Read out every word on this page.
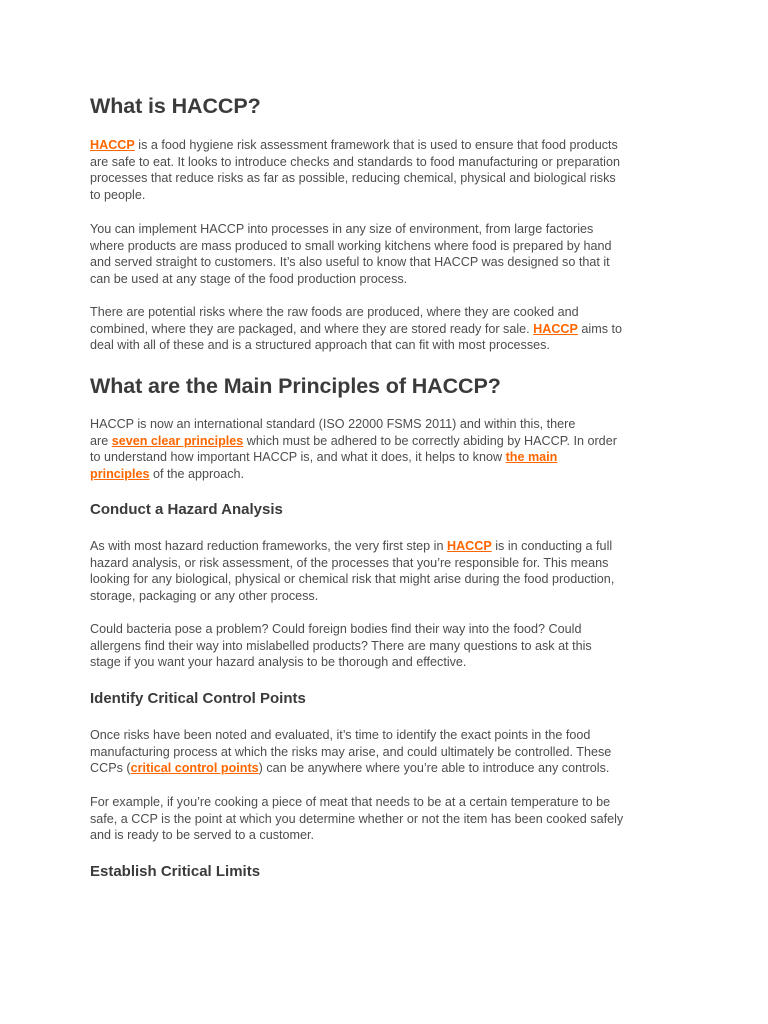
What is HACCP?

HACCP is a food hygiene risk assessment framework that is used to ensure that food products
are safe to eat. It looks to introduce checks and standards to food manufacturing or preparation
processes that reduce risks as far as possible, reducing chemical, physical and biological risks
to people.

You can implement HACCP into processes in any size of environment, from large factories
where products are mass produced to small working kitchens where food is prepared by hand
and served straight to customers. It’s also useful to know that HACCP was designed so that it
can be used at any stage of the food production process.

There are potential risks where the raw foods are produced, where they are cooked and
combined, where they are packaged, and where they are stored ready for sale. HACCP aims to
deal with all of these and is a structured approach that can fit with most processes.

What are the Main Principles of HACCP?

HACCP is now an international standard (ISO 22000 FSMS 2011) and within this, there
are seven clear principles which must be adhered to be correctly abiding by HACCP. In order
to understand how important HACCP is, and what it does, it helps to know the main
principles of the approach.

Conduct a Hazard Analysis

As with most hazard reduction frameworks, the very first step in HACCP is in conducting a full
hazard analysis, or risk assessment, of the processes that you’re responsible for. This means
looking for any biological, physical or chemical risk that might arise during the food production,
storage, packaging or any other process.

Could bacteria pose a problem? Could foreign bodies find their way into the food? Could
allergens find their way into mislabelled products? There are many questions to ask at this
stage if you want your hazard analysis to be thorough and effective.

Identify Critical Control Points

Once risks have been noted and evaluated, it’s time to identify the exact points in the food
manufacturing process at which the risks may arise, and could ultimately be controlled. These
CCPs (critical control points) can be anywhere where you’re able to introduce any controls.

For example, if you’re cooking a piece of meat that needs to be at a certain temperature to be
safe, a CCP is the point at which you determine whether or not the item has been cooked safely
and is ready to be served to a customer.

Establish Critical Limits
